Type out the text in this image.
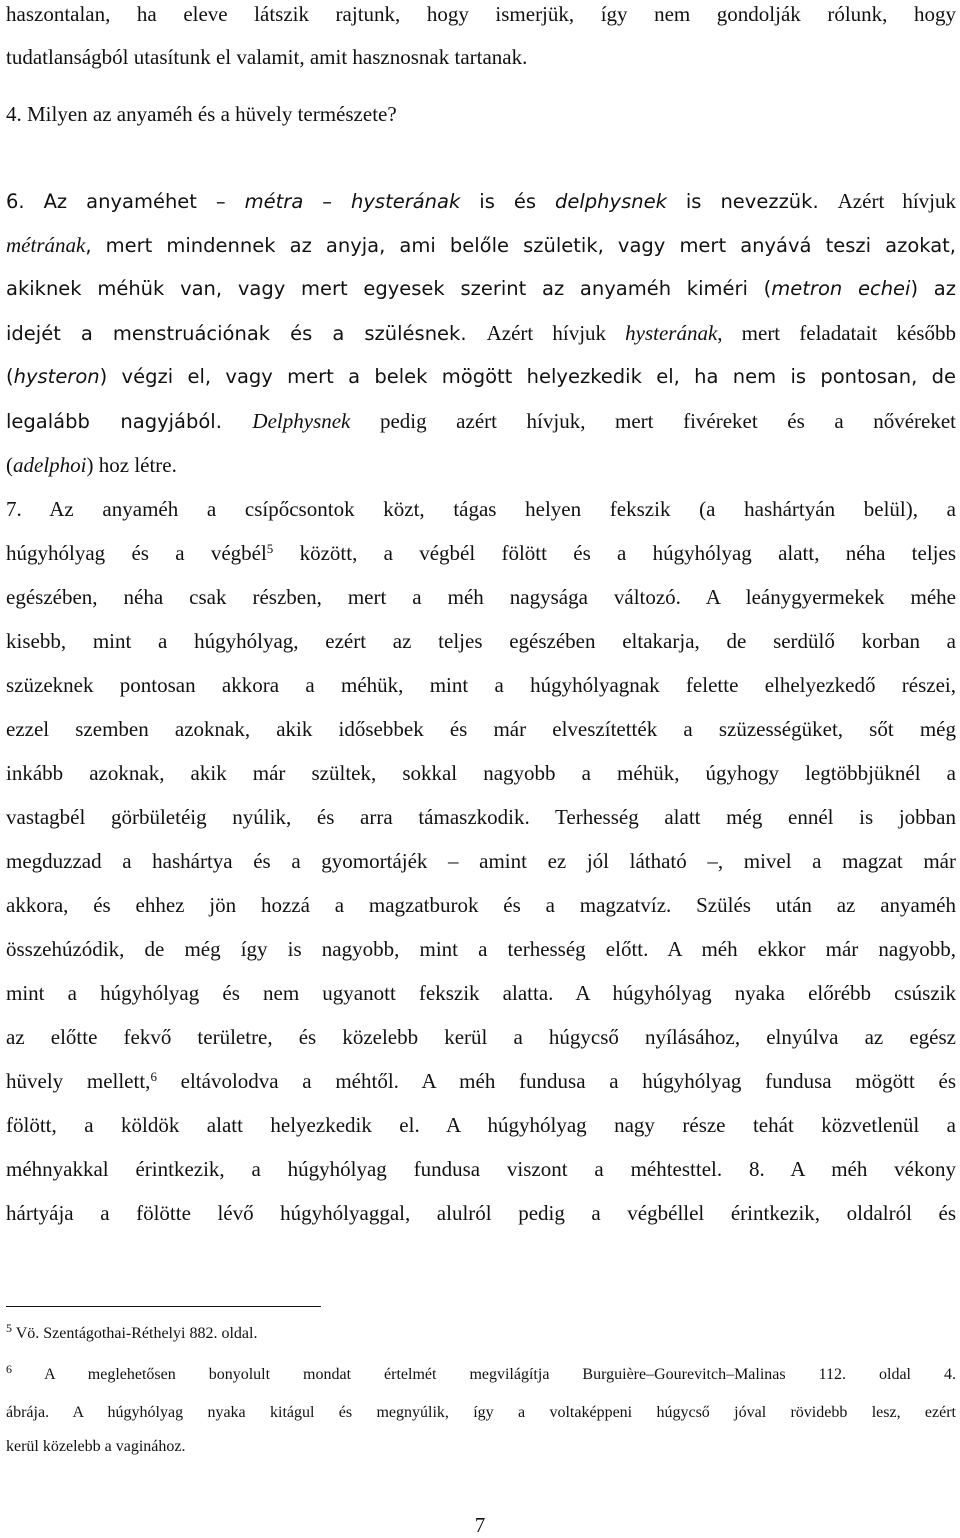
haszontalan, ha eleve látszik rajtunk, hogy ismerjük, így nem gondolják rólunk, hogy
tudatlanságból utasítunk el valamit, amit hasznosnak tartanak.
4. Milyen az anyaméh és a hüvely természete?
6. Az anyaméhet – métra – hysterának is és delphysnek is nevezzük. Azért hívjuk
métrának, mert mindennek az anyja, ami belőle születik, vagy mert anyává teszi azokat,
akiknek méhük van, vagy mert egyesek szerint az anyaméh kiméri (metron echei) az
idejét a menstruációnak és a szülésnek. Azért hívjuk hysterának, mert feladatait később
(hysteron) végzi el, vagy mert a belek mögött helyezkedik el, ha nem is pontosan, de
legalább nagyjából. Delphysnek pedig azért hívjuk, mert fivéreket és a nővéreket
(adelphoi) hoz létre.
7. Az anyaméh a csípőcsontok közt, tágas helyen fekszik (a hashártyán belül), a
húgyhólyag és a végbél$^5$ között, a végbél fölött és a húgyhólyag alatt, néha teljes
egészében, néha csak részben, mert a méh nagysága változó. A leánygyermekek méhe
kisebb, mint a húgyhólyag, ezért az teljes egészében eltakarja, de serdülő korban a
szüzeknek pontosan akkora a méhük, mint a húgyhólyagnak felette elhelyezkedő részei,
ezzel szemben azoknak, akik idősebbek és már elveszítették a szüzességüket, sőt még
inkább azoknak, akik már szültek, sokkal nagyobb a méhük, úgyhogy legtöbbjüknél a
vastagbél görbületéig nyúlik, és arra támaszkodik. Terhesség alatt még ennél is jobban
megduzzad a hashártya és a gyomortájék – amint ez jól látható –, mivel a magzat már
akkora, és ehhez jön hozzá a magzatburok és a magzatvíz. Szülés után az anyaméh
összehúzódik, de még így is nagyobb, mint a terhesség előtt. A méh ekkor már nagyobb,
mint a húgyhólyag és nem ugyanott fekszik alatta. A húgyhólyag nyaka előrébb csúszik
az előtte fekvő területre, és közelebb kerül a húgycső nyílásához, elnyúlva az egész
hüvely mellett,$^6$ eltávolodva a méhtől. A méh fundusa a húgyhólyag fundusa mögött és
fölött, a köldök alatt helyezkedik el. A húgyhólyag nagy része tehát közvetlenül a
méhnyakkal érintkezik, a húgyhólyag fundusa viszont a méhtesttel. 8. A méh vékony
hártyája a fölötte lévő húgyhólyaggal, alulról pedig a végbéllel érintkezik, oldalról és
$^5$ Vö. Szentágothai-Réthelyi 882. oldal.
$^6$ A meglehetősen bonyolult mondat értelmét megvilágítja Burguière–Gourevitch–Malinas 112. oldal 4.
ábrája. A húgyhólyag nyaka kitágul és megnyúlik, így a voltaképpeni húgycső jóval rövidebb lesz, ezért
kerül közelebb a vaginához.
7
